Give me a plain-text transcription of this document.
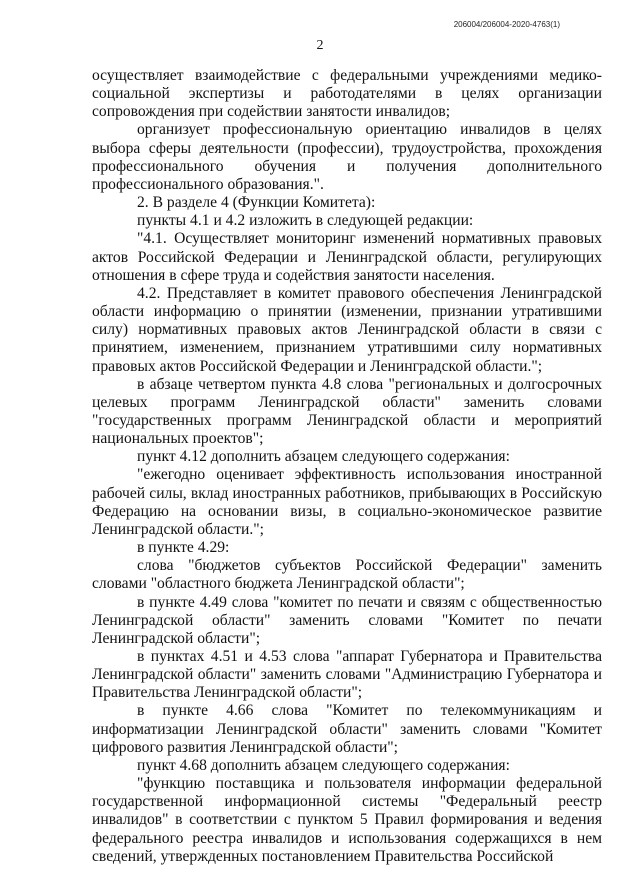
206004/206004-2020-4763(1)
2

осуществляет взаимодействие с федеральными учреждениями медико-социальной экспертизы и работодателями в целях организации сопровождения при содействии занятости инвалидов;

организует профессиональную ориентацию инвалидов в целях выбора сферы деятельности (профессии), трудоустройства, прохождения профессионального обучения и получения дополнительного профессионального образования.".

2. В разделе 4 (Функции Комитета):

пункты 4.1 и 4.2 изложить в следующей редакции:

"4.1. Осуществляет мониторинг изменений нормативных правовых актов Российской Федерации и Ленинградской области, регулирующих отношения в сфере труда и содействия занятости населения.

4.2. Представляет в комитет правового обеспечения Ленинградской области информацию о принятии (изменении, признании утратившими силу) нормативных правовых актов Ленинградской области в связи с принятием, изменением, признанием утратившими силу нормативных правовых актов Российской Федерации и Ленинградской области.";

в абзаце четвертом пункта 4.8 слова "региональных и долгосрочных целевых программ Ленинградской области" заменить словами "государственных программ Ленинградской области и мероприятий национальных проектов";

пункт 4.12 дополнить абзацем следующего содержания:

"ежегодно оценивает эффективность использования иностранной рабочей силы, вклад иностранных работников, прибывающих в Российскую Федерацию на основании визы, в социально-экономическое развитие Ленинградской области.";

в пункте 4.29:

слова "бюджетов субъектов Российской Федерации" заменить словами "областного бюджета Ленинградской области";

в пункте 4.49 слова "комитет по печати и связям с общественностью Ленинградской области" заменить словами "Комитет по печати Ленинградской области";

в пунктах 4.51 и 4.53 слова "аппарат Губернатора и Правительства Ленинградской области" заменить словами "Администрацию Губернатора и Правительства Ленинградской области";

в пункте 4.66 слова "Комитет по телекоммуникациям и информатизации Ленинградской области" заменить словами "Комитет цифрового развития Ленинградской области";

пункт 4.68 дополнить абзацем следующего содержания:

"функцию поставщика и пользователя информации федеральной государственной информационной системы "Федеральный реестр инвалидов" в соответствии с пунктом 5 Правил формирования и ведения федерального реестра инвалидов и использования содержащихся в нем сведений, утвержденных постановлением Правительства Российской
